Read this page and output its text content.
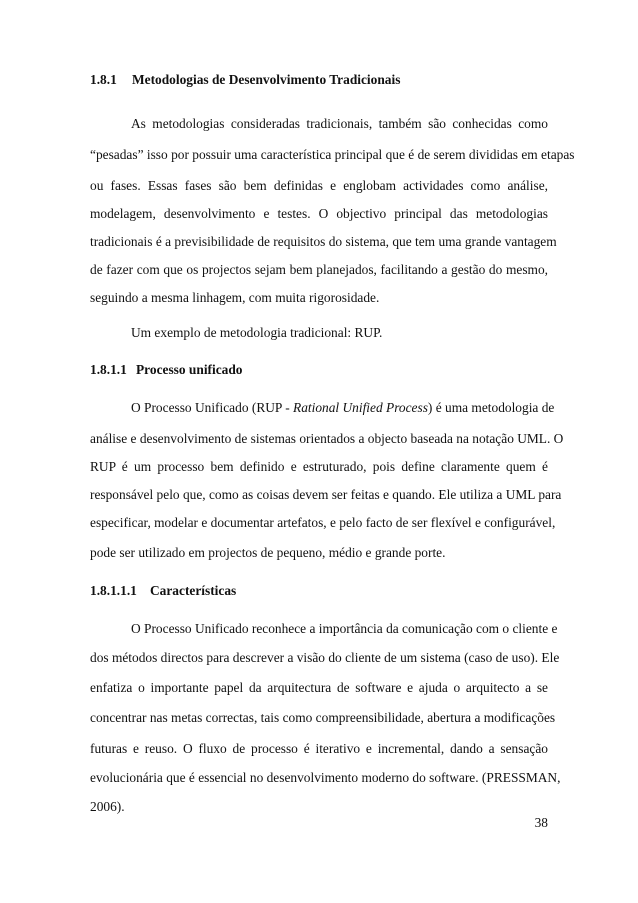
1.8.1 Metodologias de Desenvolvimento Tradicionais
As metodologias consideradas tradicionais, também são conhecidas como
“pesadas” isso por possuir uma característica principal que é de serem divididas em etapas
ou fases. Essas fases são bem definidas e englobam actividades como análise,
modelagem, desenvolvimento e testes. O objectivo principal das metodologias
tradicionais é a previsibilidade de requisitos do sistema, que tem uma grande vantagem
de fazer com que os projectos sejam bem planejados, facilitando a gestão do mesmo,
seguindo a mesma linhagem, com muita rigorosidade.
Um exemplo de metodologia tradicional: RUP.
1.8.1.1 Processo unificado
O Processo Unificado (RUP - Rational Unified Process) é uma metodologia de
análise e desenvolvimento de sistemas orientados a objecto baseada na notação UML. O
RUP é um processo bem definido e estruturado, pois define claramente quem é
responsável pelo que, como as coisas devem ser feitas e quando. Ele utiliza a UML para
especificar, modelar e documentar artefatos, e pelo facto de ser flexível e configurável,
pode ser utilizado em projectos de pequeno, médio e grande porte.
1.8.1.1.1 Características
O Processo Unificado reconhece a importância da comunicação com o cliente e
dos métodos directos para descrever a visão do cliente de um sistema (caso de uso). Ele
enfatiza o importante papel da arquitectura de software e ajuda o arquitecto a se
concentrar nas metas correctas, tais como compreensibilidade, abertura a modificações
futuras e reuso. O fluxo de processo é iterativo e incremental, dando a sensação
evolucionária que é essencial no desenvolvimento moderno do software. (PRESSMAN,
2006).
38
